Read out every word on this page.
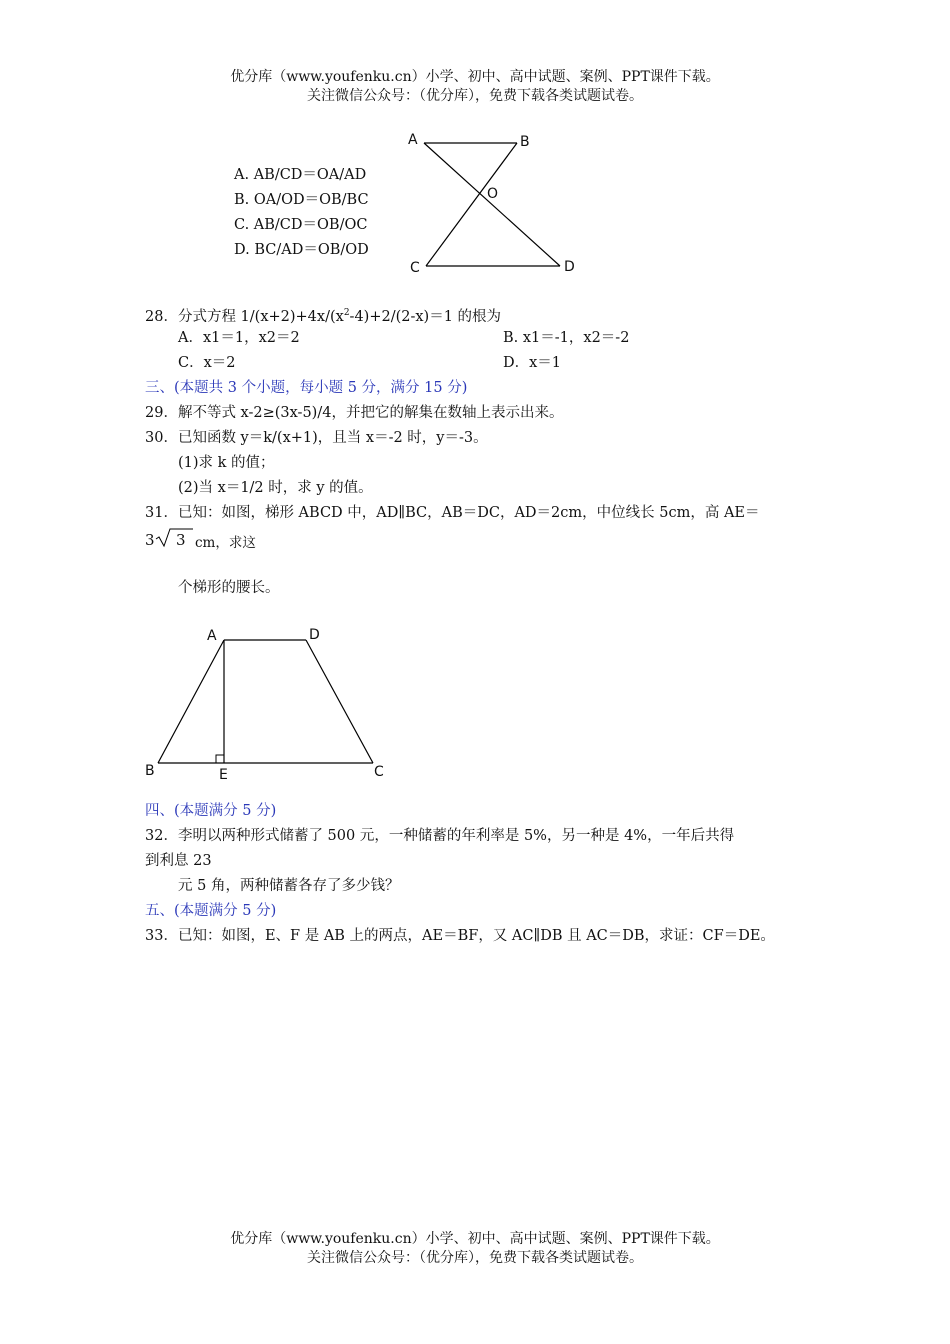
优分库（www.youfenku.cn）小学、初中、高中试题、案例、PPT课件下载。
关注微信公众号：（优分库），免费下载各类试题试卷。
A. AB/CD＝OA/AD
B. OA/OD＝OB/BC
C. AB/CD＝OB/OC
D. BC/AD＝OB/OD
A	B
O
C	D
28．分式方程 $1/(x+2)+4x/(x^2-4)+2/(2-x)=1$ 的根为
A．x1＝1，x2＝2	B. x1＝-1，x2＝-2
C．x＝2	D．x＝1
三、(本题共 3 个小题，每小题 5 分，满分 15 分)
29．解不等式 x-2≥(3x-5)/4，并把它的解集在数轴上表示出来。
30．已知函数 y＝k/(x+1)，且当 x＝-2 时，y＝-3。
(1)求 k 的值；
(2)当 x＝1/2 时，求 y 的值。
31．已知：如图，梯形 ABCD 中，AD∥BC，AB＝DC，AD＝2cm，中位线长 5cm，高 AE＝
3 3 cm，求这
个梯形的腰长。
A	D
B	E	C
四、(本题满分 5 分)
32．李明以两种形式储蓄了 500 元，一种储蓄的年利率是 5%，另一种是 4%，一年后共得
到利息 23
元 5 角，两种储蓄各存了多少钱？
五、(本题满分 5 分)
33．已知：如图，E、F 是 AB 上的两点，AE＝BF，又 AC∥DB 且 AC＝DB，求证：CF＝DE。
优分库（www.youfenku.cn）小学、初中、高中试题、案例、PPT课件下载。
关注微信公众号：（优分库），免费下载各类试题试卷。
